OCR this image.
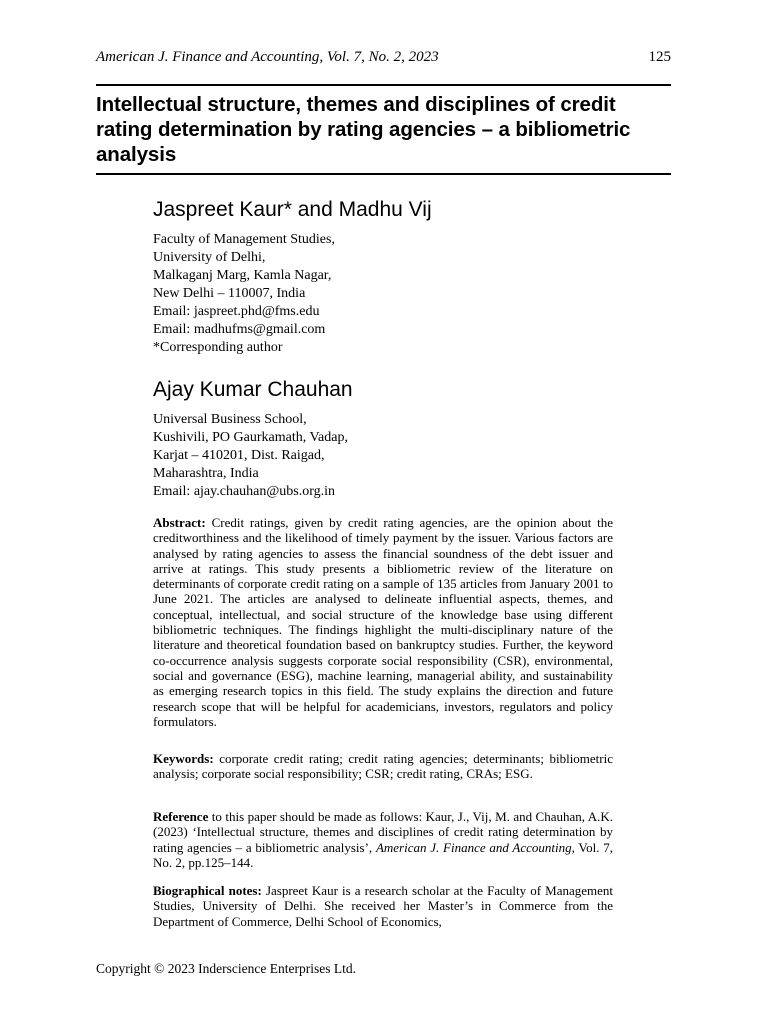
American J. Finance and Accounting, Vol. 7, No. 2, 2023	125
Intellectual structure, themes and disciplines of credit rating determination by rating agencies – a bibliometric analysis

Jaspreet Kaur* and Madhu Vij

Faculty of Management Studies,
University of Delhi,
Malkaganj Marg, Kamla Nagar,
New Delhi – 110007, India
Email: jaspreet.phd@fms.edu
Email: madhufms@gmail.com
*Corresponding author

Ajay Kumar Chauhan

Universal Business School,
Kushivili, PO Gaurkamath, Vadap,
Karjat – 410201, Dist. Raigad,
Maharashtra, India
Email: ajay.chauhan@ubs.org.in

Abstract: Credit ratings, given by credit rating agencies, are the opinion about the creditworthiness and the likelihood of timely payment by the issuer. Various factors are analysed by rating agencies to assess the financial soundness of the debt issuer and arrive at ratings. This study presents a bibliometric review of the literature on determinants of corporate credit rating on a sample of 135 articles from January 2001 to June 2021. The articles are analysed to delineate influential aspects, themes, and conceptual, intellectual, and social structure of the knowledge base using different bibliometric techniques. The findings highlight the multi-disciplinary nature of the literature and theoretical foundation based on bankruptcy studies. Further, the keyword co-occurrence analysis suggests corporate social responsibility (CSR), environmental, social and governance (ESG), machine learning, managerial ability, and sustainability as emerging research topics in this field. The study explains the direction and future research scope that will be helpful for academicians, investors, regulators and policy formulators.

Keywords: corporate credit rating; credit rating agencies; determinants; bibliometric analysis; corporate social responsibility; CSR; credit rating, CRAs; ESG.

Reference to this paper should be made as follows: Kaur, J., Vij, M. and Chauhan, A.K. (2023) ‘Intellectual structure, themes and disciplines of credit rating determination by rating agencies – a bibliometric analysis’, American J. Finance and Accounting, Vol. 7, No. 2, pp.125–144.

Biographical notes: Jaspreet Kaur is a research scholar at the Faculty of Management Studies, University of Delhi. She received her Master’s in Commerce from the Department of Commerce, Delhi School of Economics,

Copyright © 2023 Inderscience Enterprises Ltd.
